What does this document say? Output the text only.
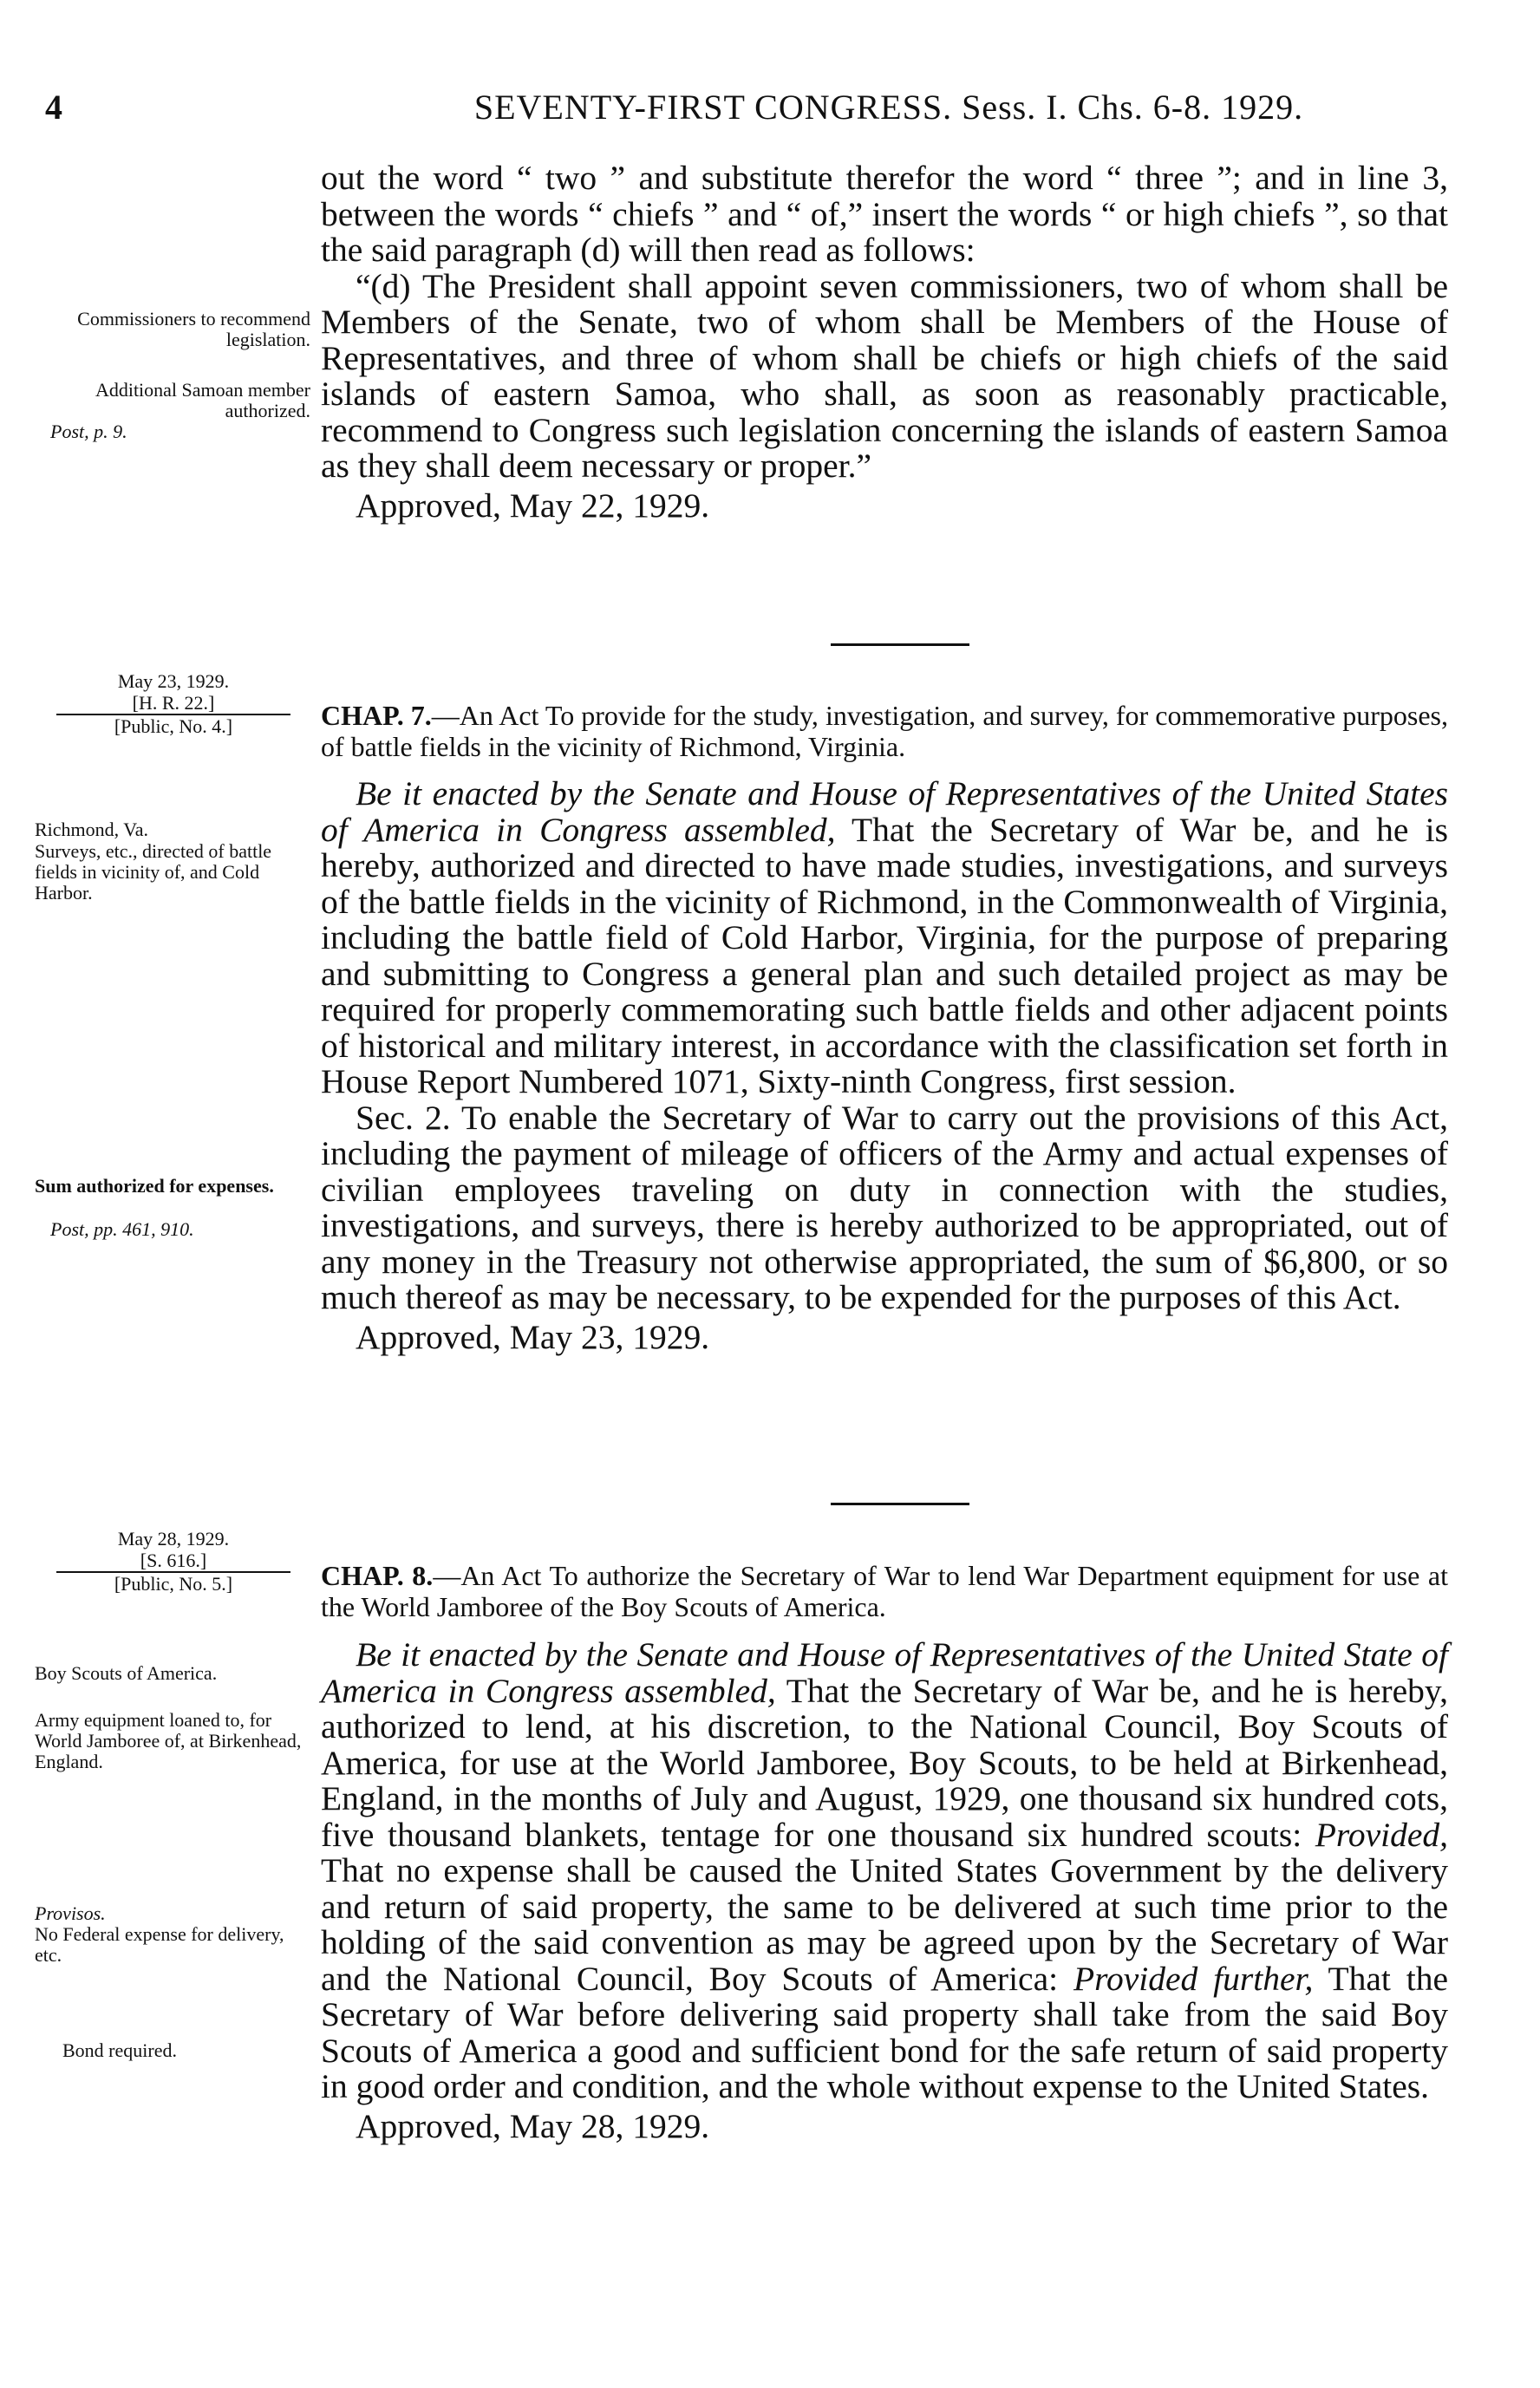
4	SEVENTY-FIRST CONGRESS. Sess. I. Chs. 6-8. 1929.

out the word “ two ” and substitute therefor the word “ three ”; and in line 3, between the words “ chiefs ” and “ of,” insert the words “ or high chiefs ”, so that the said paragraph (d) will then read as follows:

“(d) The President shall appoint seven commissioners, two of whom shall be Members of the Senate, two of whom shall be Members of the House of Representatives, and three of whom shall be chiefs or high chiefs of the said islands of eastern Samoa, who shall, as soon as reasonably practicable, recommend to Congress such legislation concerning the islands of eastern Samoa as they shall deem necessary or proper.”

Approved, May 22, 1929.

Commissioners to recommend legislation.
Additional Samoan member authorized.
Post, p. 9.
May 23, 1929.
[H. R. 22.]
[Public, No. 4.]	CHAP. 7.—An Act To provide for the study, investigation, and survey, for commemorative purposes, of battle fields in the vicinity of Richmond, Virginia.

Be it enacted by the Senate and House of Representatives of the United States of America in Congress assembled, That the Secretary of War be, and he is hereby, authorized and directed to have made studies, investigations, and surveys of the battle fields in the vicinity of Richmond, in the Commonwealth of Virginia, including the battle field of Cold Harbor, Virginia, for the purpose of preparing and submitting to Congress a general plan and such detailed project as may be required for properly commemorating such battle fields and other adjacent points of historical and military interest, in accordance with the classification set forth in House Report Numbered 1071, Sixty-ninth Congress, first session.

Sec. 2. To enable the Secretary of War to carry out the provisions of this Act, including the payment of mileage of officers of the Army and actual expenses of civilian employees traveling on duty in connection with the studies, investigations, and surveys, there is hereby authorized to be appropriated, out of any money in the Treasury not otherwise appropriated, the sum of $6,800, or so much thereof as may be necessary, to be expended for the purposes of this Act.

Approved, May 23, 1929.

Richmond, Va.
Surveys, etc., directed of battle fields in vicinity of, and Cold Harbor.
Sum authorized for expenses.
Post, pp. 461, 910.
May 28, 1929.
[S. 616.]
[Public, No. 5.]	CHAP. 8.—An Act To authorize the Secretary of War to lend War Department equipment for use at the World Jamboree of the Boy Scouts of America.

Be it enacted by the Senate and House of Representatives of the United State of America in Congress assembled, That the Secretary of War be, and he is hereby, authorized to lend, at his discretion, to the National Council, Boy Scouts of America, for use at the World Jamboree, Boy Scouts, to be held at Birkenhead, England, in the months of July and August, 1929, one thousand six hundred cots, five thousand blankets, tentage for one thousand six hundred scouts: Provided, That no expense shall be caused the United States Government by the delivery and return of said property, the same to be delivered at such time prior to the holding of the said convention as may be agreed upon by the Secretary of War and the National Council, Boy Scouts of America: Provided further, That the Secretary of War before delivering said property shall take from the said Boy Scouts of America a good and sufficient bond for the safe return of said property in good order and condition, and the whole without expense to the United States.

Approved, May 28, 1929.

Boy Scouts of America.
Army equipment loaned to, for World Jamboree of, at Birkenhead, England.
Provisos.
No Federal expense for delivery, etc.
Bond required.
